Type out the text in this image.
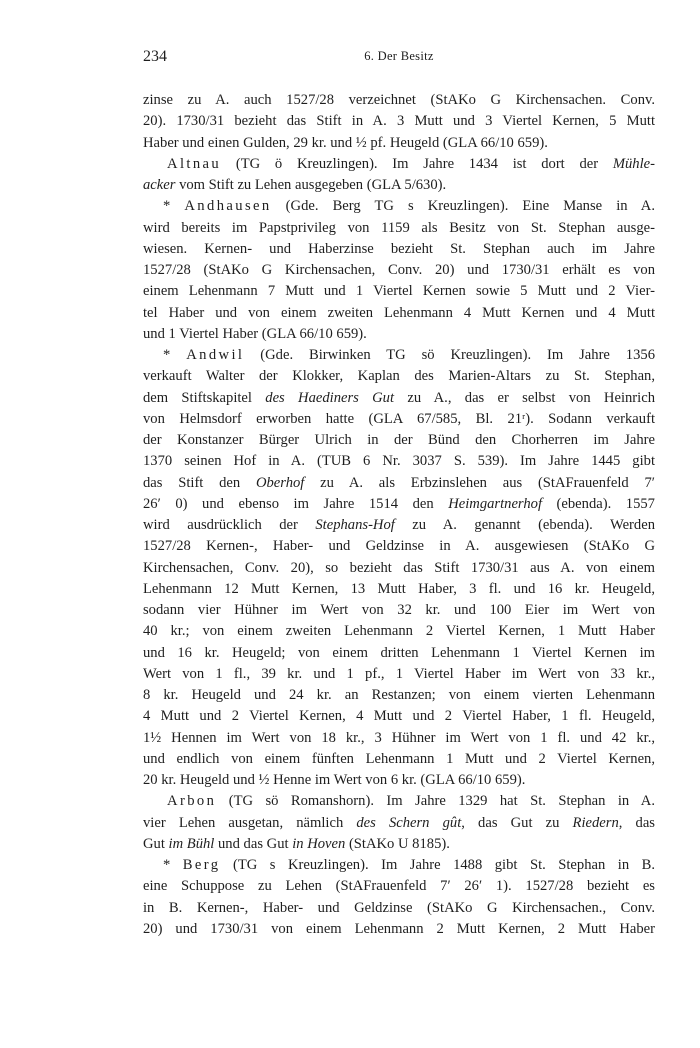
234	6. Der Besitz
zinse zu A. auch 1527/28 verzeichnet (StAKo G Kirchensachen. Conv.
20). 1730/31 bezieht das Stift in A. 3 Mutt und 3 Viertel Kernen, 5 Mutt
Haber und einen Gulden, 29 kr. und ½ pf. Heugeld (GLA 66/10 659).
Altnau (TG ö Kreuzlingen). Im Jahre 1434 ist dort der Mühle-
acker vom Stift zu Lehen ausgegeben (GLA 5/630).
* Andhausen (Gde. Berg TG s Kreuzlingen). Eine Manse in A.
wird bereits im Papstprivileg von 1159 als Besitz von St. Stephan ausge-
wiesen. Kernen- und Haberzinse bezieht St. Stephan auch im Jahre
1527/28 (StAKo G Kirchensachen, Conv. 20) und 1730/31 erhält es von
einem Lehenmann 7 Mutt und 1 Viertel Kernen sowie 5 Mutt und 2 Vier-
tel Haber und von einem zweiten Lehenmann 4 Mutt Kernen und 4 Mutt
und 1 Viertel Haber (GLA 66/10 659).
* Andwil (Gde. Birwinken TG sö Kreuzlingen). Im Jahre 1356
verkauft Walter der Klokker, Kaplan des Marien-Altars zu St. Stephan,
dem Stiftskapitel des Haediners Gut zu A., das er selbst von Heinrich
von Helmsdorf erworben hatte (GLA 67/585, Bl. 21ʳ). Sodann verkauft
der Konstanzer Bürger Ulrich in der Bünd den Chorherren im Jahre
1370 seinen Hof in A. (TUB 6 Nr. 3037 S. 539). Im Jahre 1445 gibt
das Stift den Oberhof zu A. als Erbzinslehen aus (StAFrauenfeld 7′
26′ 0) und ebenso im Jahre 1514 den Heimgartnerhof (ebenda). 1557
wird ausdrücklich der Stephans-Hof zu A. genannt (ebenda). Werden
1527/28 Kernen-, Haber- und Geldzinse in A. ausgewiesen (StAKo G
Kirchensachen, Conv. 20), so bezieht das Stift 1730/31 aus A. von einem
Lehenmann 12 Mutt Kernen, 13 Mutt Haber, 3 fl. und 16 kr. Heugeld,
sodann vier Hühner im Wert von 32 kr. und 100 Eier im Wert von
40 kr.; von einem zweiten Lehenmann 2 Viertel Kernen, 1 Mutt Haber
und 16 kr. Heugeld; von einem dritten Lehenmann 1 Viertel Kernen im
Wert von 1 fl., 39 kr. und 1 pf., 1 Viertel Haber im Wert von 33 kr.,
8 kr. Heugeld und 24 kr. an Restanzen; von einem vierten Lehenmann
4 Mutt und 2 Viertel Kernen, 4 Mutt und 2 Viertel Haber, 1 fl. Heugeld,
1½ Hennen im Wert von 18 kr., 3 Hühner im Wert von 1 fl. und 42 kr.,
und endlich von einem fünften Lehenmann 1 Mutt und 2 Viertel Kernen,
20 kr. Heugeld und ½ Henne im Wert von 6 kr. (GLA 66/10 659).
Arbon (TG sö Romanshorn). Im Jahre 1329 hat St. Stephan in A.
vier Lehen ausgetan, nämlich des Schern gût, das Gut zu Riedern, das
Gut im Bühl und das Gut in Hoven (StAKo U 8185).
* Berg (TG s Kreuzlingen). Im Jahre 1488 gibt St. Stephan in B.
eine Schuppose zu Lehen (StAFrauenfeld 7′ 26′ 1). 1527/28 bezieht es
in B. Kernen-, Haber- und Geldzinse (StAKo G Kirchensachen., Conv.
20) und 1730/31 von einem Lehenmann 2 Mutt Kernen, 2 Mutt Haber
